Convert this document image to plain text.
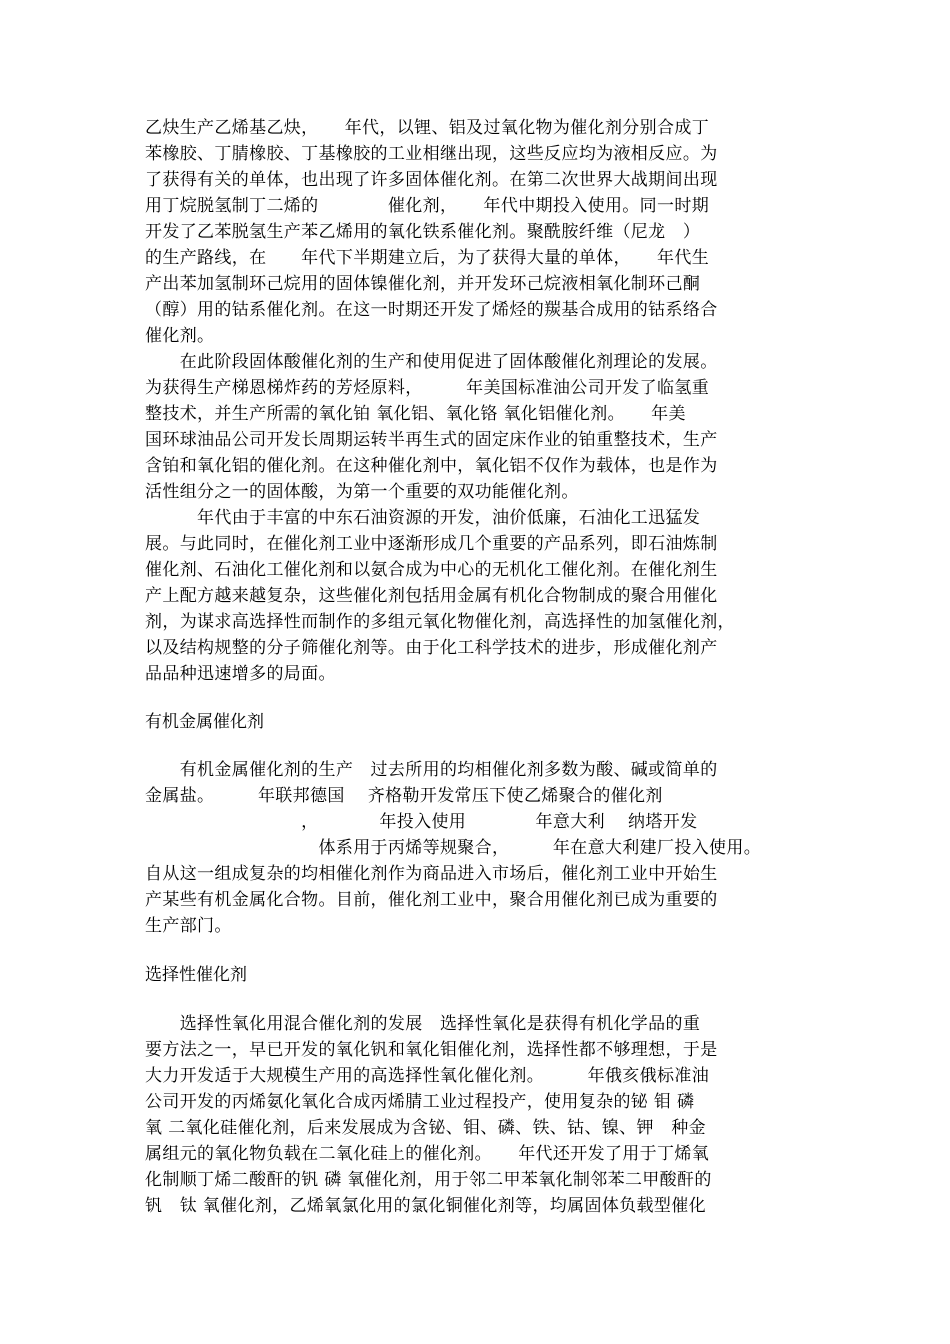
乙炔生产乙烯基乙炔，　　年代，以锂、铝及过氧化物为催化剂分别合成丁
苯橡胶、丁腈橡胶、丁基橡胶的工业相继出现，这些反应均为液相反应。为
了获得有关的单体，也出现了许多固体催化剂。在第二次世界大战期间出现
用丁烷脱氢制丁二烯的　　　　催化剂，　　年代中期投入使用。同一时期
开发了乙苯脱氢生产苯乙烯用的氧化铁系催化剂。聚酰胺纤维（尼龙　）
的生产路线，在　　年代下半期建立后，为了获得大量的单体，　　年代生
产出苯加氢制环己烷用的固体镍催化剂，并开发环己烷液相氧化制环己酮
（醇）用的钴系催化剂。在这一时期还开发了烯烃的羰基合成用的钴系络合
催化剂。
　　在此阶段固体酸催化剂的生产和使用促进了固体酸催化剂理论的发展。
为获得生产梯恩梯炸药的芳烃原料，　　　年美国标准油公司开发了临氢重
整技术，并生产所需的氧化铂 氧化铝、氧化铬 氧化铝催化剂。　　年美
国环球油品公司开发长周期运转半再生式的固定床作业的铂重整技术，生产
含铂和氧化铝的催化剂。在这种催化剂中，氧化铝不仅作为载体，也是作为
活性组分之一的固体酸，为第一个重要的双功能催化剂。
　　　年代由于丰富的中东石油资源的开发，油价低廉，石油化工迅猛发
展。与此同时，在催化剂工业中逐渐形成几个重要的产品系列，即石油炼制
催化剂、石油化工催化剂和以氨合成为中心的无机化工催化剂。在催化剂生
产上配方越来越复杂，这些催化剂包括用金属有机化合物制成的聚合用催化
剂，为谋求高选择性而制作的多组元氧化物催化剂，高选择性的加氢催化剂，
以及结构规整的分子筛催化剂等。由于化工科学技术的进步，形成催化剂产
品品种迅速增多的局面。
有机金属催化剂
　　有机金属催化剂的生产　过去所用的均相催化剂多数为酸、碱或简单的
金属盐。　　　年联邦德国　 齐格勒开发常压下使乙烯聚合的催化剂
　　　　　　　　　，　　　　年投入使用　　　　年意大利　 纳塔开发
　　　　　　　　　　体系用于丙烯等规聚合，　　　年在意大利建厂投入使用。
自从这一组成复杂的均相催化剂作为商品进入市场后，催化剂工业中开始生
产某些有机金属化合物。目前，催化剂工业中，聚合用催化剂已成为重要的
生产部门。
选择性催化剂
　　选择性氧化用混合催化剂的发展　选择性氧化是获得有机化学品的重
要方法之一，早已开发的氧化钒和氧化钼催化剂，选择性都不够理想，于是
大力开发适于大规模生产用的高选择性氧化催化剂。　　　年俄亥俄标准油
公司开发的丙烯氨化氧化合成丙烯腈工业过程投产，使用复杂的铋 钼 磷
氧 二氧化硅催化剂，后来发展成为含铋、钼、磷、铁、钴、镍、钾　种金
属组元的氧化物负载在二氧化硅上的催化剂。　　年代还开发了用于丁烯氧
化制顺丁烯二酸酐的钒 磷 氧催化剂，用于邻二甲苯氧化制邻苯二甲酸酐的
钒　钛 氧催化剂，乙烯氧氯化用的氯化铜催化剂等，均属固体负载型催化
